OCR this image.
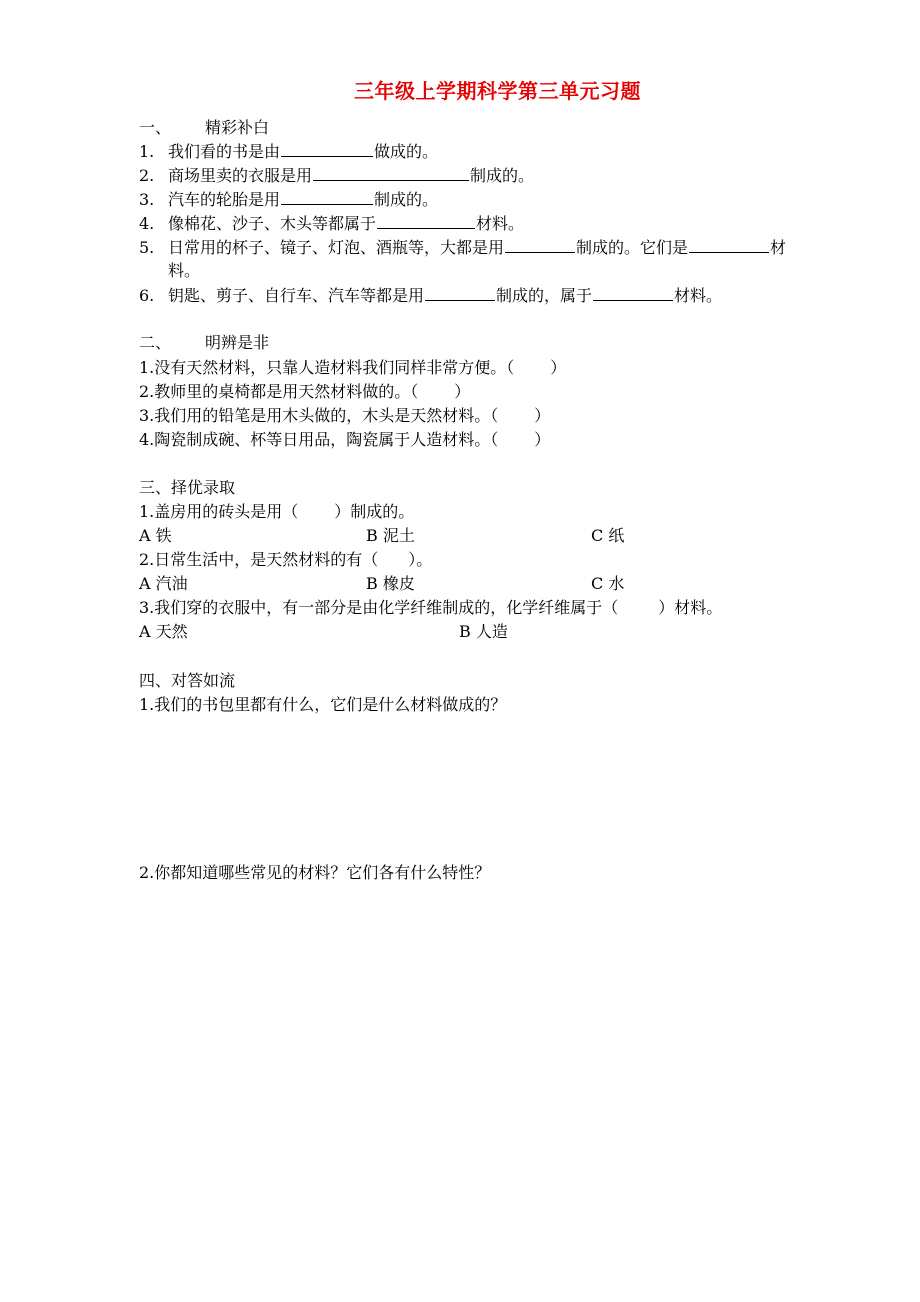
三年级上学期科学第三单元习题
一、 精彩补白
1. 我们看的书是由	做成的。
2. 商场里卖的衣服是用	制成的。
3. 汽车的轮胎是用	制成的。
4. 像棉花、沙子、木头等都属于	材料。
5. 日常用的杯子、镜子、灯泡、酒瓶等，大都是用	制成的。它们是	材
料。
6. 钥匙、剪子、自行车、汽车等都是用	制成的，属于	材料。
二、 明辨是非
1.没有天然材料，只靠人造材料我们同样非常方便。（ ）
2.教师里的桌椅都是用天然材料做的。（ ）
3.我们用的铅笔是用木头做的，木头是天然材料。（ ）
4.陶瓷制成碗、杯等日用品，陶瓷属于人造材料。（ ）
三、择优录取
1.盖房用的砖头是用（ ）制成的。
A 铁	B 泥土	C 纸
2.日常生活中，是天然材料的有（ ）。
A 汽油	B 橡皮	C 水
3.我们穿的衣服中，有一部分是由化学纤维制成的，化学纤维属于（	）材料。
A 天然	B 人造
四、对答如流
1.我们的书包里都有什么，它们是什么材料做成的？
2.你都知道哪些常见的材料？它们各有什么特性？
